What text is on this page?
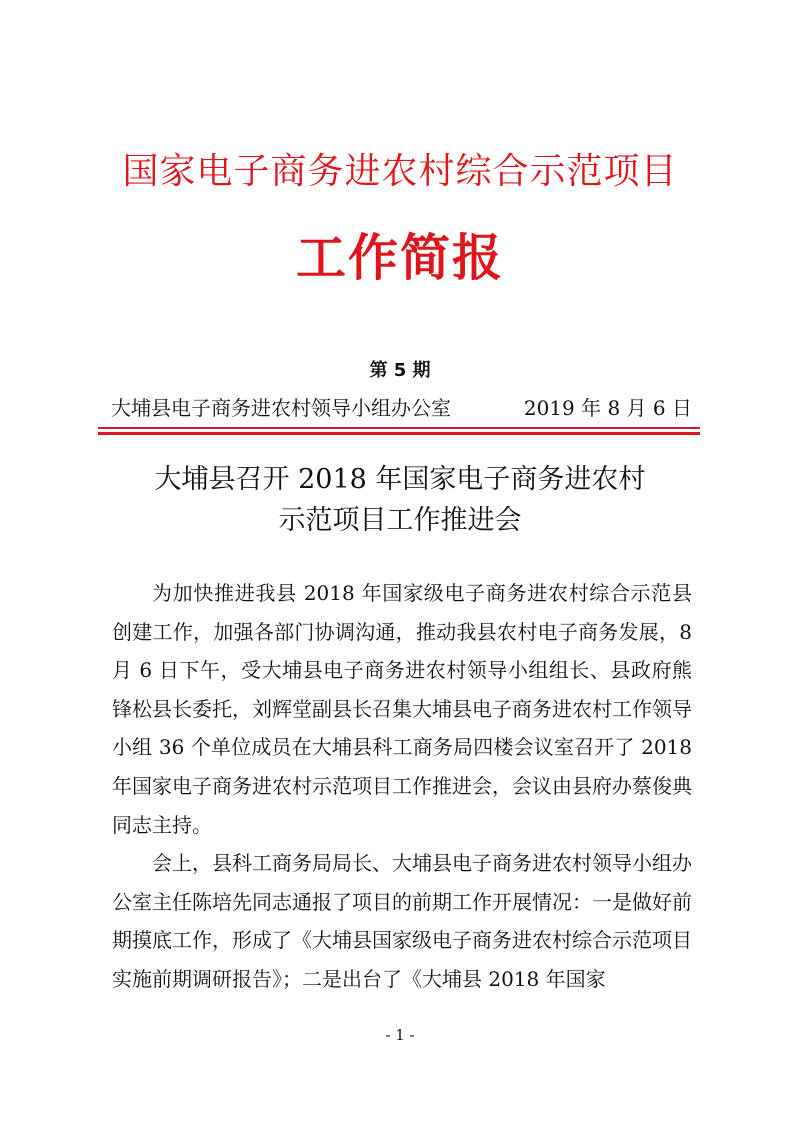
国家电子商务进农村综合示范项目
工作简报
第 5 期
大埔县电子商务进农村领导小组办公室	2019 年 8 月 6 日
大埔县召开 2018 年国家电子商务进农村
示范项目工作推进会

为加快推进我县 2018 年国家级电子商务进农村综合示范县创建工作，加强各部门协调沟通，推动我县农村电子商务发展，8 月 6 日下午，受大埔县电子商务进农村领导小组组长、县政府熊锋松县长委托，刘辉堂副县长召集大埔县电子商务进农村工作领导小组 36 个单位成员在大埔县科工商务局四楼会议室召开了 2018 年国家电子商务进农村示范项目工作推进会，会议由县府办蔡俊典同志主持。

会上，县科工商务局局长、大埔县电子商务进农村领导小组办公室主任陈培先同志通报了项目的前期工作开展情况：一是做好前期摸底工作，形成了《大埔县国家级电子商务进农村综合示范项目实施前期调研报告》；二是出台了《大埔县 2018 年国家

- 1 -
